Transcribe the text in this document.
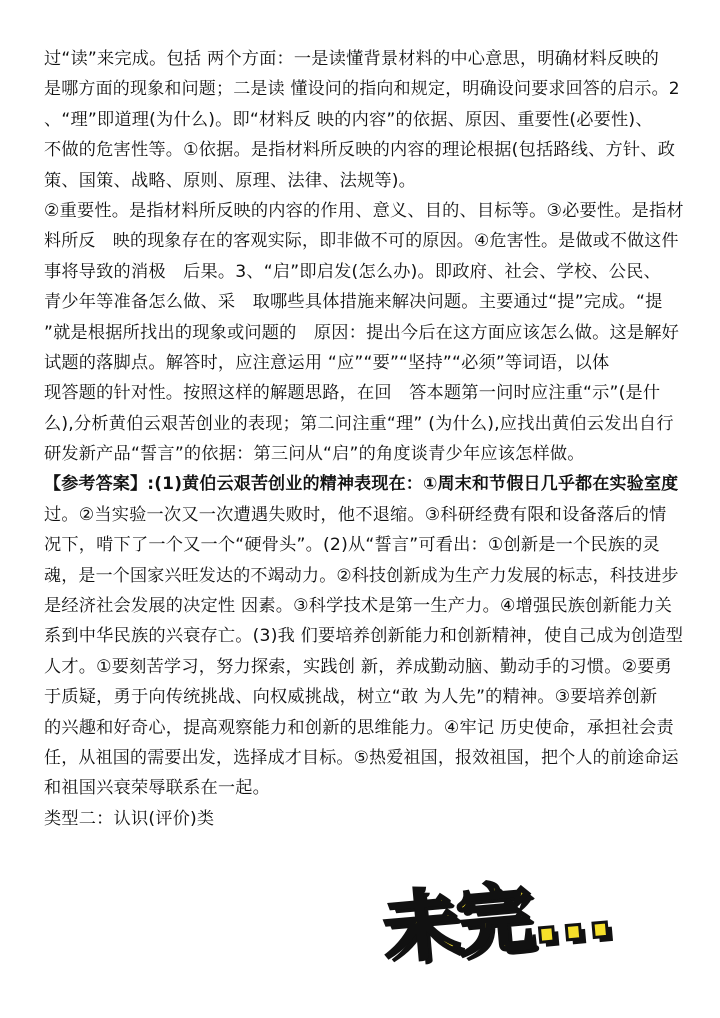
过“读”来完成。包括 两个方面：一是读懂背景材料的中心意思，明确材料反映的
是哪方面的现象和问题；二是读 懂设问的指向和规定，明确设问要求回答的启示。2
、“理”即道理(为什么)。即“材料反 映的内容”的依据、原因、重要性(必要性)、
不做的危害性等。①依据。是指材料所反映的内容的理论根据(包括路线、方针、政
策、国策、战略、原则、原理、法律、法规等)。
②重要性。是指材料所反映的内容的作用、意义、目的、目标等。③必要性。是指材
料所反　映的现象存在的客观实际，即非做不可的原因。④危害性。是做或不做这件
事将导致的消极　后果。3、“启”即启发(怎么办)。即政府、社会、学校、公民、
青少年等准备怎么做、采　取哪些具体措施来解决问题。主要通过“提”完成。“提
”就是根据所找出的现象或问题的　原因：提出今后在这方面应该怎么做。这是解好
试题的落脚点。解答时，应注意运用 “应”“要”“坚持”“必须”等词语，以体
现答题的针对性。按照这样的解题思路，在回　答本题第一问时应注重“示”(是什
么),分析黄伯云艰苦创业的表现；第二问注重“理” (为什么),应找出黄伯云发出自行
研发新产品“誓言”的依据：第三问从“启”的角度谈青少年应该怎样做。
【参考答案】:(1)黄伯云艰苦创业的精神表现在：①周末和节假日几乎都在实验室度
过。②当实验一次又一次遭遇失败时，他不退缩。③科研经费有限和设备落后的情
况下，啃下了一个又一个“硬骨头”。(2)从“誓言”可看出：①创新是一个民族的灵
魂，是一个国家兴旺发达的不竭动力。②科技创新成为生产力发展的标志，科技进步
是经济社会发展的决定性 因素。③科学技术是第一生产力。④增强民族创新能力关
系到中华民族的兴衰存亡。(3)我 们要培养创新能力和创新精神，使自己成为创造型
人才。①要刻苦学习，努力探索，实践创 新，养成勤动脑、勤动手的习惯。②要勇
于质疑，勇于向传统挑战、向权威挑战，树立“敢 为人先”的精神。③要培养创新
的兴趣和好奇心，提高观察能力和创新的思维能力。④牢记 历史使命，承担社会责
任，从祖国的需要出发，选择成才目标。⑤热爱祖国，报效祖国，把个人的前途命运
和祖国兴衰荣辱联系在一起。
类型二：认识(评价)类
未完...
